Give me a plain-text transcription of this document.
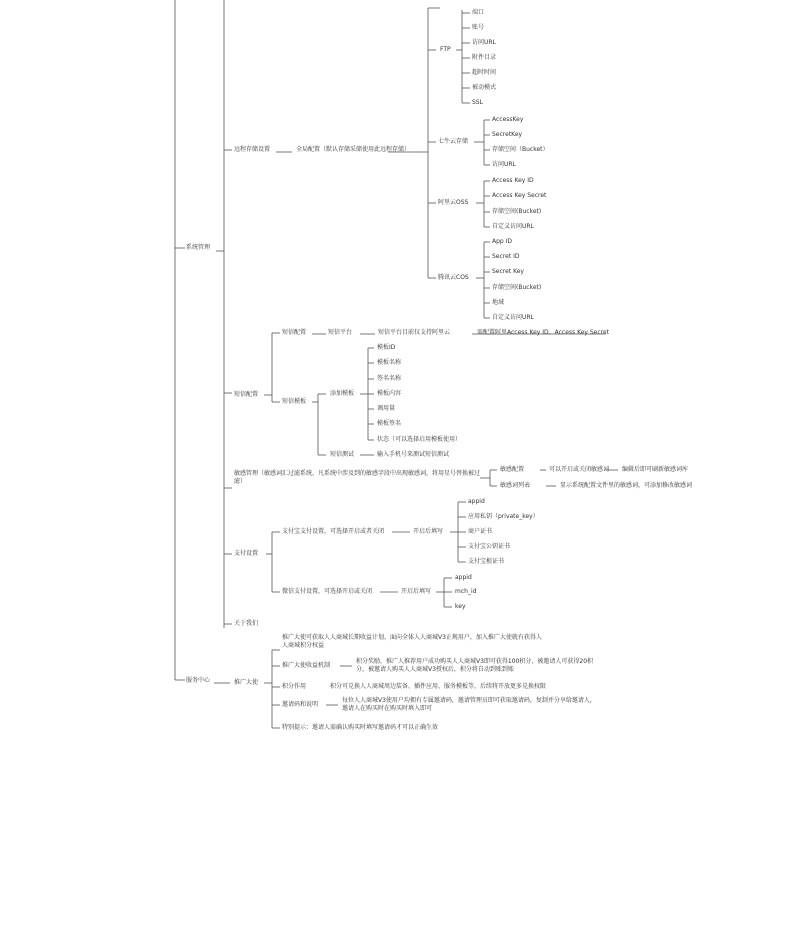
系统管理
服务中心
远程存储设置	全局配置（默认存储采储使用此远程存储）
FTP
端口
账号
访问URL
附件目录
超时时间
被动模式
SSL
七牛云存储
AccessKey
SecretKey
存储空间（Bucket）
访问URL
阿里云OSS
Access Key ID
Access Key Secret
存储空间(Bucket)
自定义访问URL
腾讯云COS
App ID
Secret ID
Secret Key
存储空间(Bucket)
地域
自定义访问URL
短信配置
短信配置	短信平台	短信平台目前仅支持阿里云	需配置阿里Access Key ID、Access Key Secret
短信模板
添加模板
模板ID
模板名称
签名名称
模板内容
调用量
模板签名
状态（可以选择启用模板使用）
短信测试	输入手机号来测试短信测试
敏感管理（敏感词汇过滤系统，凡系统中涉及到的敏感字段中出现敏感词，将用星号替换被过滤）
敏感配置	可以开启或关闭敏感词 编辑后即可刷新敏感词库
敏感词列表	显示系统配置文件里的敏感词，可添加修改敏感词
支付设置
支付宝支付设置，可选择开启或者关闭	开启后填写
appid
应用私钥（private_key）
商户证书
支付宝公钥证书
支付宝根证书
微信支付设置，可选择开启或关闭	开启后填写
appid
mch_id
key
关于我们
推广大使
推广大使可获取人人商城长期收益计划，面向全体人人商城V3正规用户，加入推广大使就有获得人人商城积分权益
推广大使收益机制
积分奖励，推广人推荐用户成功购买人人商城V3即可获得100积分，被邀请人可获得20积分，被邀请人购买人人商城V3授权后，积分将自动到账到账
积分作用	积分可兑换人人商城周边装备、插件应用、服务模板等，后续将开放更多兑换权限
邀请码和说明
每位人人商城V3使用户均拥有专属邀请码，邀请管理员即可获取邀请码，复制并分享给邀请人，邀请人在购买时在购买时填入即可
特别提示：邀请人需确认购买时填写邀请码才可以正确生效
